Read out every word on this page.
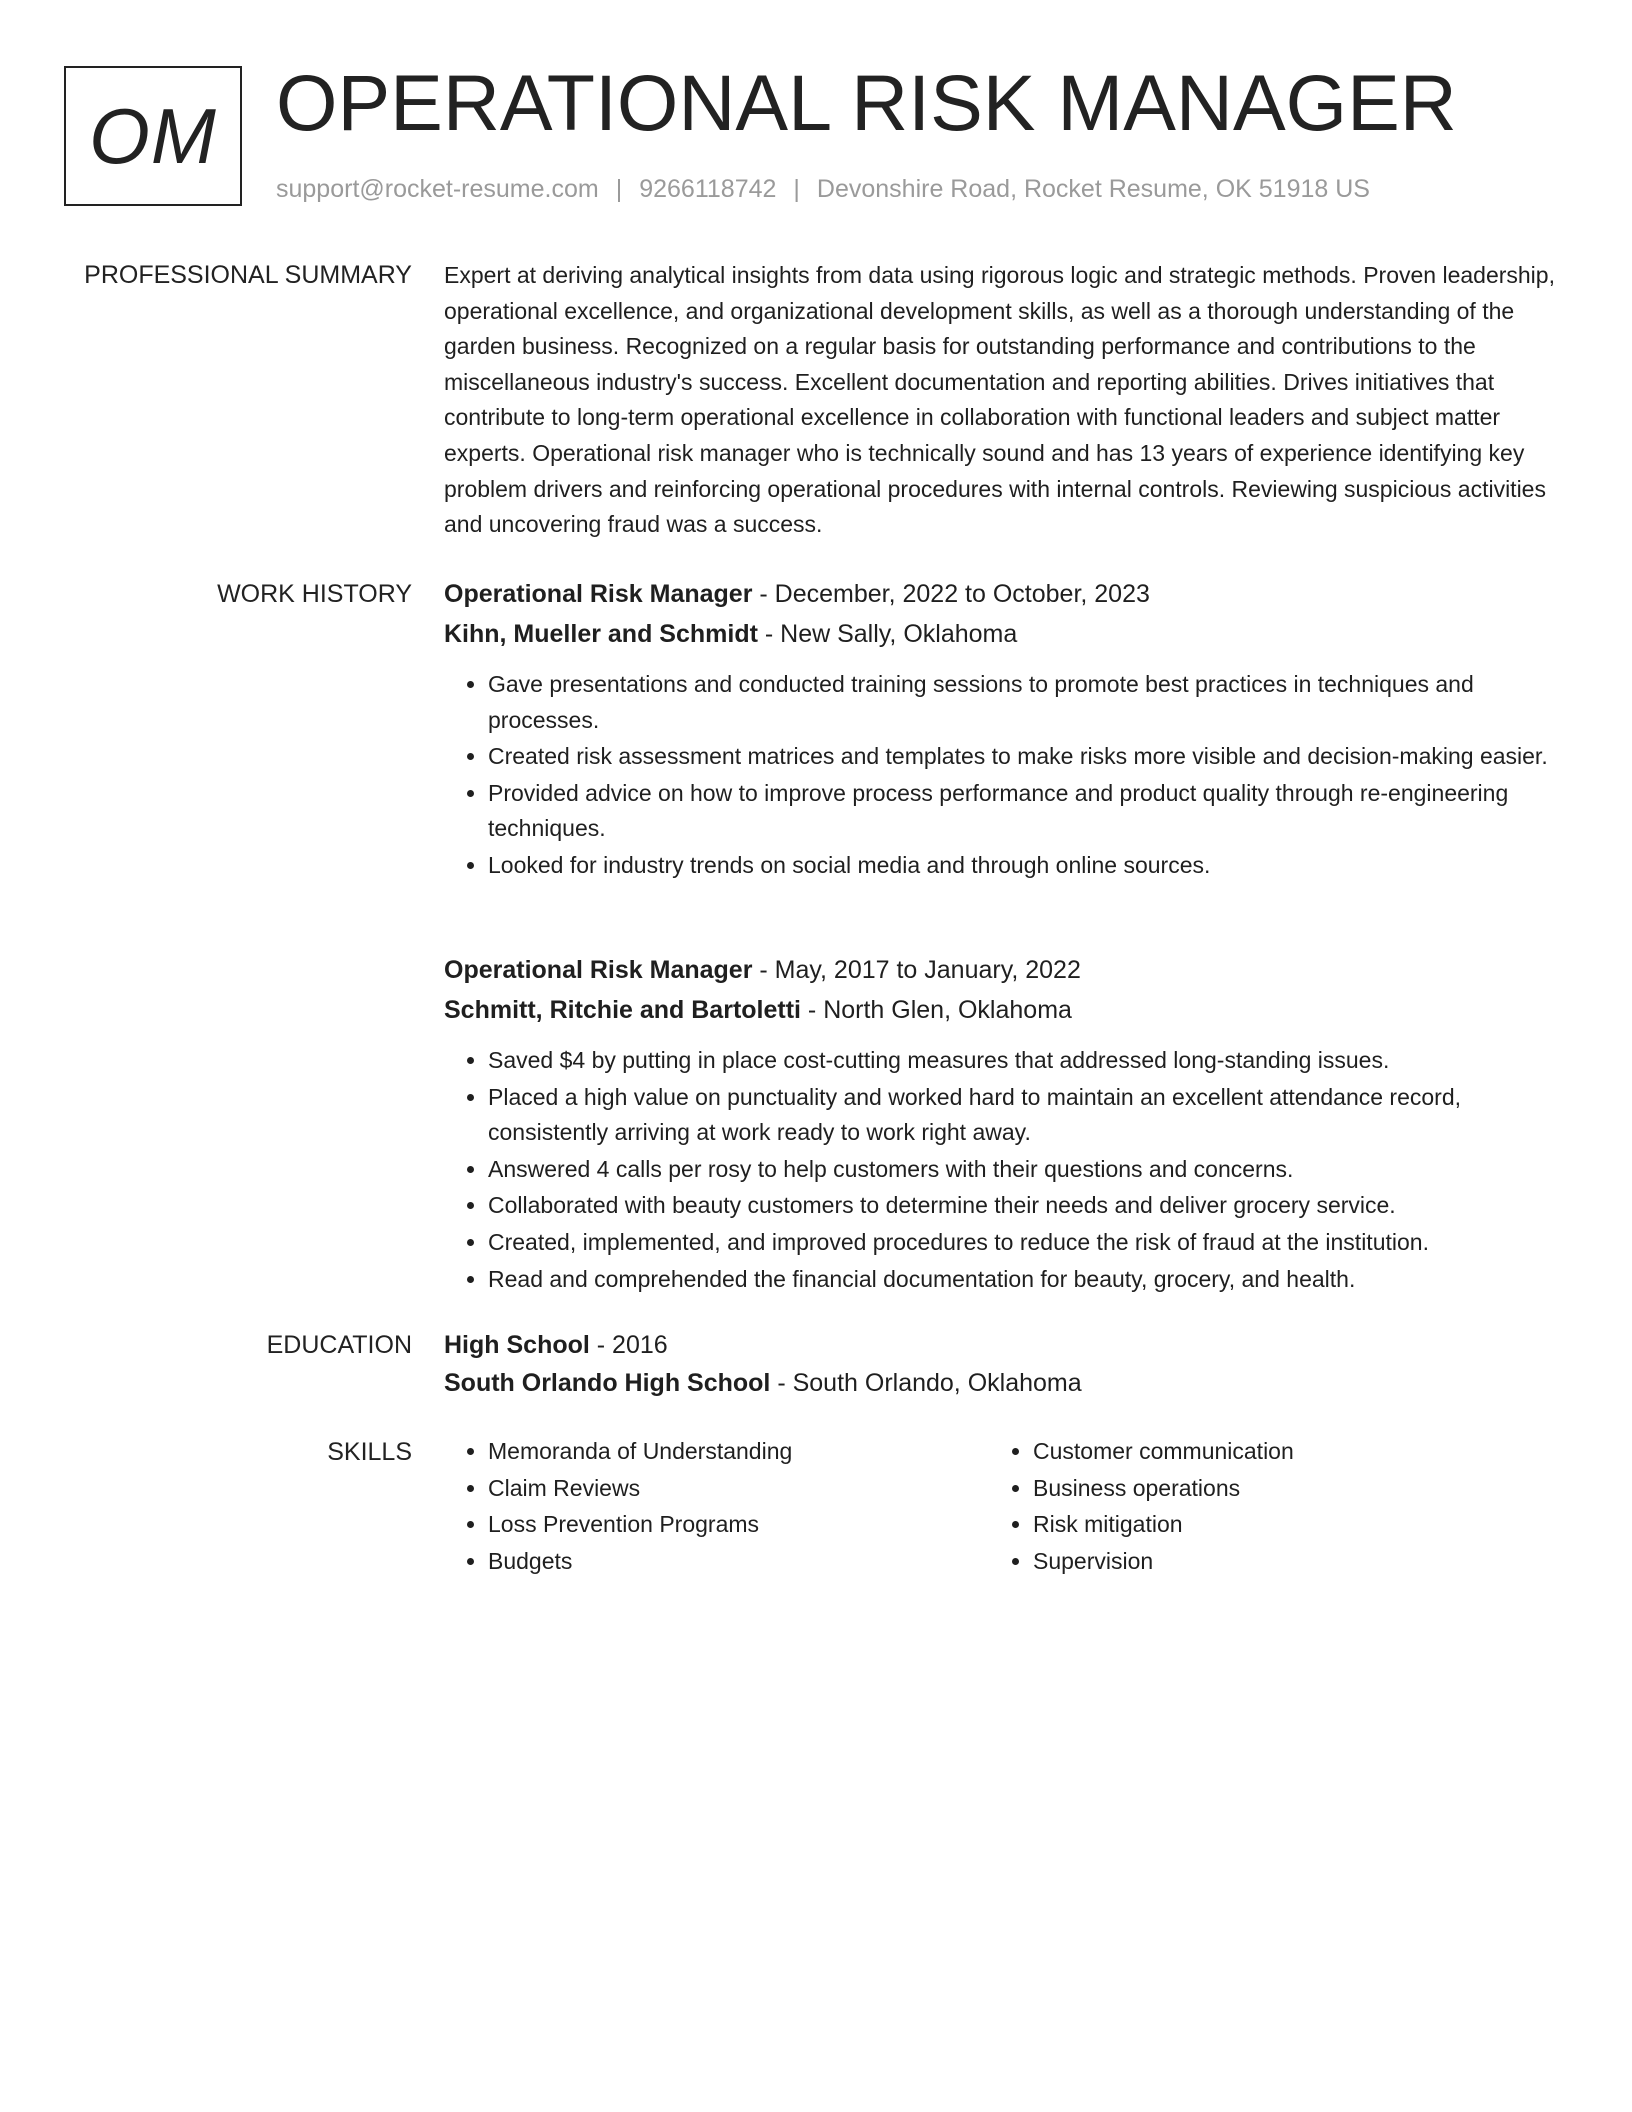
OM OPERATIONAL RISK MANAGER
support@rocket-resume.com | 9266118742 | Devonshire Road, Rocket Resume, OK 51918 US
PROFESSIONAL SUMMARY Expert at deriving analytical insights from data using rigorous logic and strategic methods. Proven leadership, operational excellence, and organizational development skills, as well as a thorough understanding of the garden business. Recognized on a regular basis for outstanding performance and contributions to the miscellaneous industry's success. Excellent documentation and reporting abilities. Drives initiatives that contribute to long-term operational excellence in collaboration with functional leaders and subject matter experts. Operational risk manager who is technically sound and has 13 years of experience identifying key problem drivers and reinforcing operational procedures with internal controls. Reviewing suspicious activities and uncovering fraud was a success.

WORK HISTORY Operational Risk Manager - December, 2022 to October, 2023
Kihn, Mueller and Schmidt - New Sally, Oklahoma
• Gave presentations and conducted training sessions to promote best practices in techniques and processes.
• Created risk assessment matrices and templates to make risks more visible and decision-making easier.
• Provided advice on how to improve process performance and product quality through re-engineering techniques.
• Looked for industry trends on social media and through online sources.
Operational Risk Manager - May, 2017 to January, 2022
Schmitt, Ritchie and Bartoletti - North Glen, Oklahoma
• Saved $4 by putting in place cost-cutting measures that addressed long-standing issues.
• Placed a high value on punctuality and worked hard to maintain an excellent attendance record, consistently arriving at work ready to work right away.
• Answered 4 calls per rosy to help customers with their questions and concerns.
• Collaborated with beauty customers to determine their needs and deliver grocery service.
• Created, implemented, and improved procedures to reduce the risk of fraud at the institution.
• Read and comprehended the financial documentation for beauty, grocery, and health.
EDUCATION High School - 2016
South Orlando High School - South Orlando, Oklahoma
SKILLS
•	Memoranda of Understanding
• Claim Reviews
• Loss Prevention Programs
• Budgets
• Customer communication
• Business operations
• Risk mitigation
• Supervision
